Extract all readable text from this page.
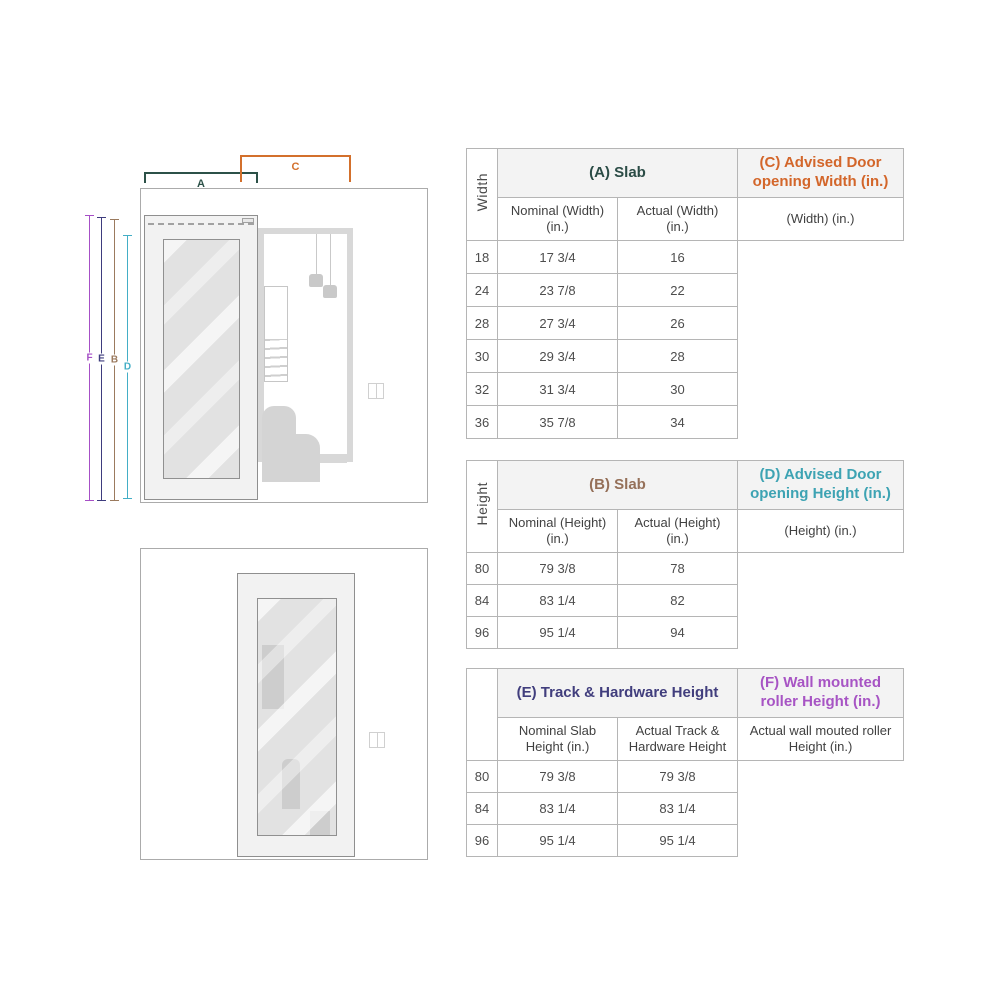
A
C
F E B
D
Width	(A) Slab		(C) Advised Door opening Width (in.)
	Nominal (Width) (in.)	Actual (Width) (in.)	(Width) (in.)
18	17 3/4	16	
24	23 7/8	22	
28	27 3/4	26	
30	29 3/4	28	
32	31 3/4	30	
36	35 7/8	34	
Height	(B) Slab		(D) Advised Door opening Height (in.)
	Nominal (Height) (in.)	Actual (Height) (in.)	(Height) (in.)
80	79 3/8	78	
84	83 1/4	82	
96	95 1/4	94	
	(E) Track & Hardware Height		(F) Wall mounted roller Height (in.)
	Nominal Slab Height (in.)	Actual Track & Hardware Height	Actual wall mouted roller Height (in.)
80	79 3/8	79 3/8	
84	83 1/4	83 1/4	
96	95 1/4	95 1/4	
